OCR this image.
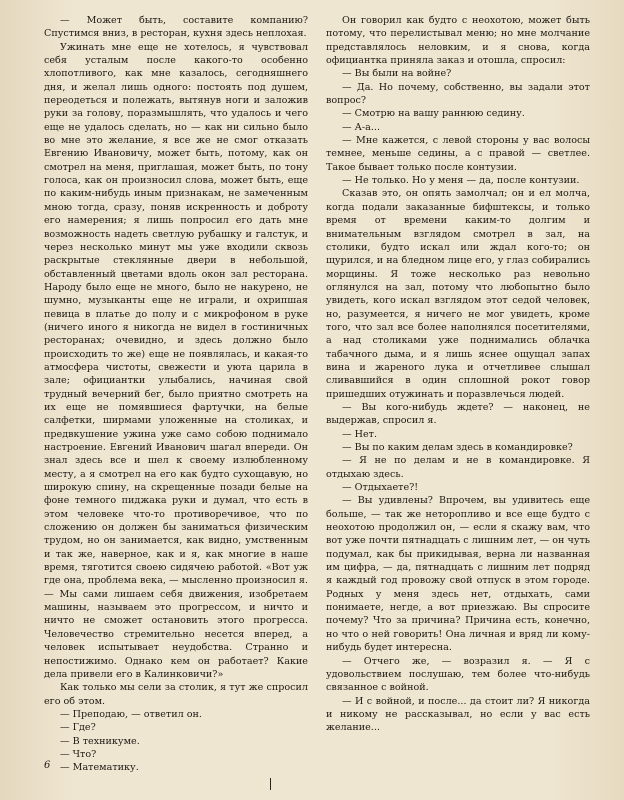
— Может быть, составите компанию? Спустимся вниз, в ресторан, кухня здесь неплохая.

Ужинать мне еще не хотелось, я чувствовал себя усталым после какого-то особенно хлопотливого, как мне казалось, сегодняшнего дня, и желал лишь одного: постоять под душем, переодеться и полежать, вытянув ноги и заложив руки за голову, поразмышлять, что удалось и чего еще не удалось сделать, но — как ни сильно было во мне это желание, я все же не смог отказать Евгению Ивановичу, может быть, потому, как он смотрел на меня, приглашая, может быть, по тону голоса, как он произносил слова, может быть, еще по каким-нибудь иным признакам, не замеченным мною тогда, сразу, поняв искренность и доброту его намерения; я лишь попросил его дать мне возможность надеть светлую рубашку и галстук, и через несколько минут мы уже входили сквозь раскрытые стеклянные двери в небольшой, обставленный цветами вдоль окон зал ресторана. Народу было еще не много, было не накурено, не шумно, музыканты еще не играли, и охрипшая певица в платье до полу и с микрофоном в руке (ничего иного я никогда не видел в гостиничных ресторанах; очевидно, и здесь должно было происходить то же) еще не появлялась, и какая-то атмосфера чистоты, свежести и уюта царила в зале; официантки улыбались, начиная свой трудный вечерний бег, было приятно смотреть на их еще не помявшиеся фартучки, на белые салфетки, ширмами уложенные на столиках, и предвкушение ужина уже само собою поднимало настроение. Евгений Иванович шагал впереди. Он знал здесь все и шел к своему излюбленному месту, а я смотрел на его как будто сухощавую, но широкую спину, на скрещенные позади белые на фоне темного пиджака руки и думал, что есть в этом человеке что-то противоречивое, что по сложению он должен бы заниматься физическим трудом, но он занимается, как видно, умственным и так же, наверное, как и я, как многие в наше время, тяготится своею сидячею работой. «Вот уж где она, проблема века, — мысленно произносил я. — Мы сами лишаем себя движения, изобретаем машины, называем это прогрессом, и ничто и ничто не сможет остановить этого прогресса. Человечество стремительно несется вперед, а человек испытывает неудобства. Странно и непостижимо. Однако кем он работает? Какие дела привели его в Калинковичи?»

Как только мы сели за столик, я тут же спросил его об этом.

— Преподаю, — ответил он.

— Где?

— В техникуме.

— Что?

— Математику.

Он говорил как будто с неохотою, может быть потому, что перелистывал меню; но мне молчание представлялось неловким, и я снова, когда официантка приняла заказ и отошла, спросил:

— Вы были на войне?

— Да. Но почему, собственно, вы задали этот вопрос?

— Смотрю на вашу раннюю седину.

— А-а...

— Мне кажется, с левой стороны у вас волосы темнее, меньше седины, а с правой — светлее. Такое бывает только после контузии.

— Не только. Но у меня — да, после контузии.

Сказав это, он опять замолчал; он и ел молча, когда подали заказанные бифштексы, и только время от времени каким-то долгим и внимательным взглядом смотрел в зал, на столики, будто искал или ждал кого-то; он щурился, и на бледном лице его, у глаз собирались морщины. Я тоже несколько раз невольно оглянулся на зал, потому что любопытно было увидеть, кого искал взглядом этот седой человек, но, разумеется, я ничего не мог увидеть, кроме того, что зал все более наполнялся посетителями, а над столиками уже поднимались облачка табачного дыма, и я лишь яснее ощущал запах вина и жареного лука и отчетливее слышал сливавшийся в один сплошной рокот говор пришедших отужинать и поразвлечься людей.

— Вы кого-нибудь ждете? — наконец, не выдержав, спросил я.

— Нет.

— Вы по каким делам здесь в командировке?

— Я не по делам и не в командировке. Я отдыхаю здесь.

— Отдыхаете?!

— Вы удивлены? Впрочем, вы удивитесь еще больше, — так же неторопливо и все еще будто с неохотою продолжил он, — если я скажу вам, что вот уже почти пятнадцать с лишним лет, — он чуть подумал, как бы прикидывая, верна ли названная им цифра, — да, пятнадцать с лишним лет подряд я каждый год провожу свой отпуск в этом городе. Родных у меня здесь нет, отдыхать, сами понимаете, негде, а вот приезжаю. Вы спросите почему? Что за причина? Причина есть, конечно, но что о ней говорить! Она личная и вряд ли кому-нибудь будет интересна.

— Отчего же, — возразил я. — Я с удовольствием послушаю, тем более что-нибудь связанное с войной.

— И с войной, и после... да стоит ли? Я никогда и никому не рассказывал, но если у вас есть желание...

6
